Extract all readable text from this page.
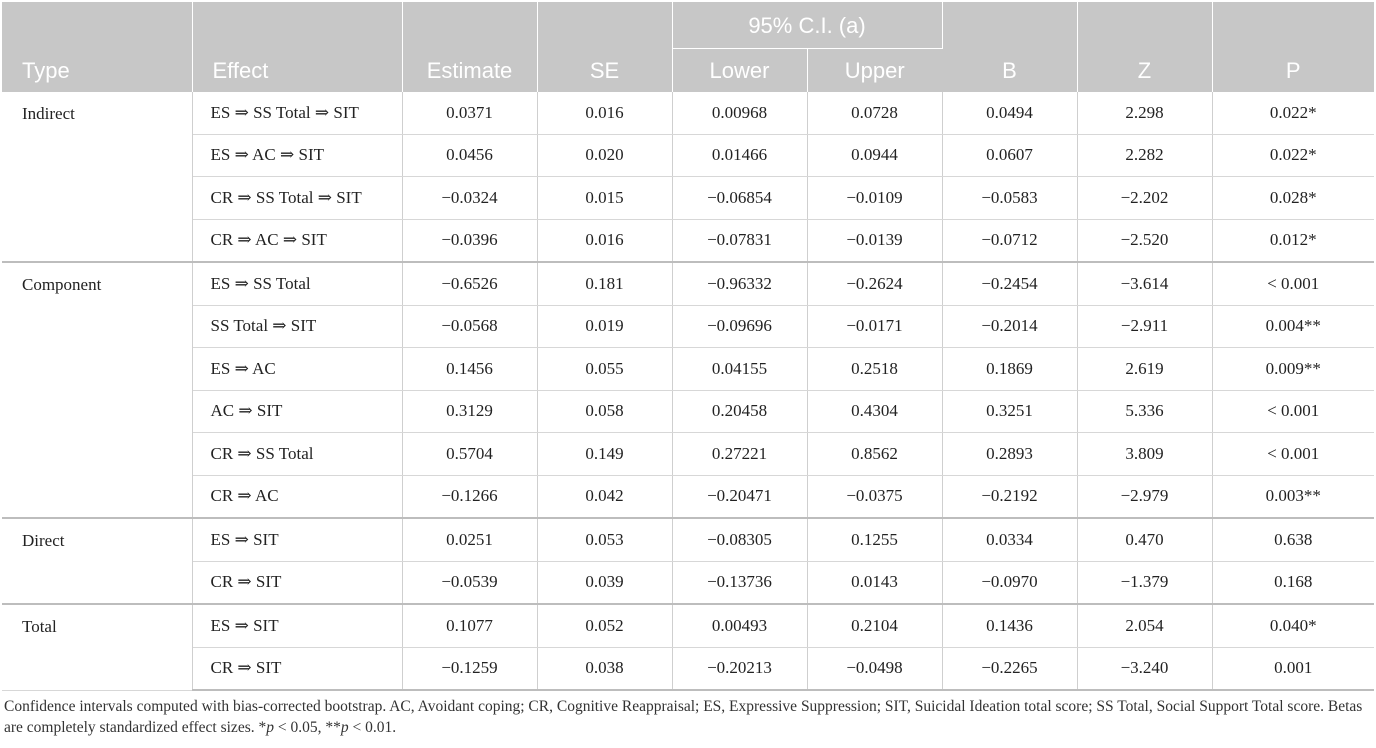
Type	Effect	Estimate	SE	95% C.I. (a)		B	Z	P
				Lower	Upper			
Indirect	ES ⇒ SS Total ⇒ SIT	0.0371	0.016	0.00968	0.0728	0.0494	2.298	0.022*
	ES ⇒ AC ⇒ SIT	0.0456	0.020	0.01466	0.0944	0.0607	2.282	0.022*
	CR ⇒ SS Total ⇒ SIT	−0.0324	0.015	−0.06854	−0.0109	−0.0583	−2.202	0.028*
	CR ⇒ AC ⇒ SIT	−0.0396	0.016	−0.07831	−0.0139	−0.0712	−2.520	0.012*
Component	ES ⇒ SS Total	−0.6526	0.181	−0.96332	−0.2624	−0.2454	−3.614	< 0.001
	SS Total ⇒ SIT	−0.0568	0.019	−0.09696	−0.0171	−0.2014	−2.911	0.004**
	ES ⇒ AC	0.1456	0.055	0.04155	0.2518	0.1869	2.619	0.009**
	AC ⇒ SIT	0.3129	0.058	0.20458	0.4304	0.3251	5.336	< 0.001
	CR ⇒ SS Total	0.5704	0.149	0.27221	0.8562	0.2893	3.809	< 0.001
	CR ⇒ AC	−0.1266	0.042	−0.20471	−0.0375	−0.2192	−2.979	0.003**
Direct	ES ⇒ SIT	0.0251	0.053	−0.08305	0.1255	0.0334	0.470	0.638
	CR ⇒ SIT	−0.0539	0.039	−0.13736	0.0143	−0.0970	−1.379	0.168
Total	ES ⇒ SIT	0.1077	0.052	0.00493	0.2104	0.1436	2.054	0.040*
	CR ⇒ SIT	−0.1259	0.038	−0.20213	−0.0498	−0.2265	−3.240	0.001
Confidence intervals computed with bias-corrected bootstrap. AC, Avoidant coping; CR, Cognitive Reappraisal; ES, Expressive Suppression; SIT, Suicidal Ideation total score; SS Total, Social Support Total score. Betas are completely standardized effect sizes. *p < 0.05, **p < 0.01.
